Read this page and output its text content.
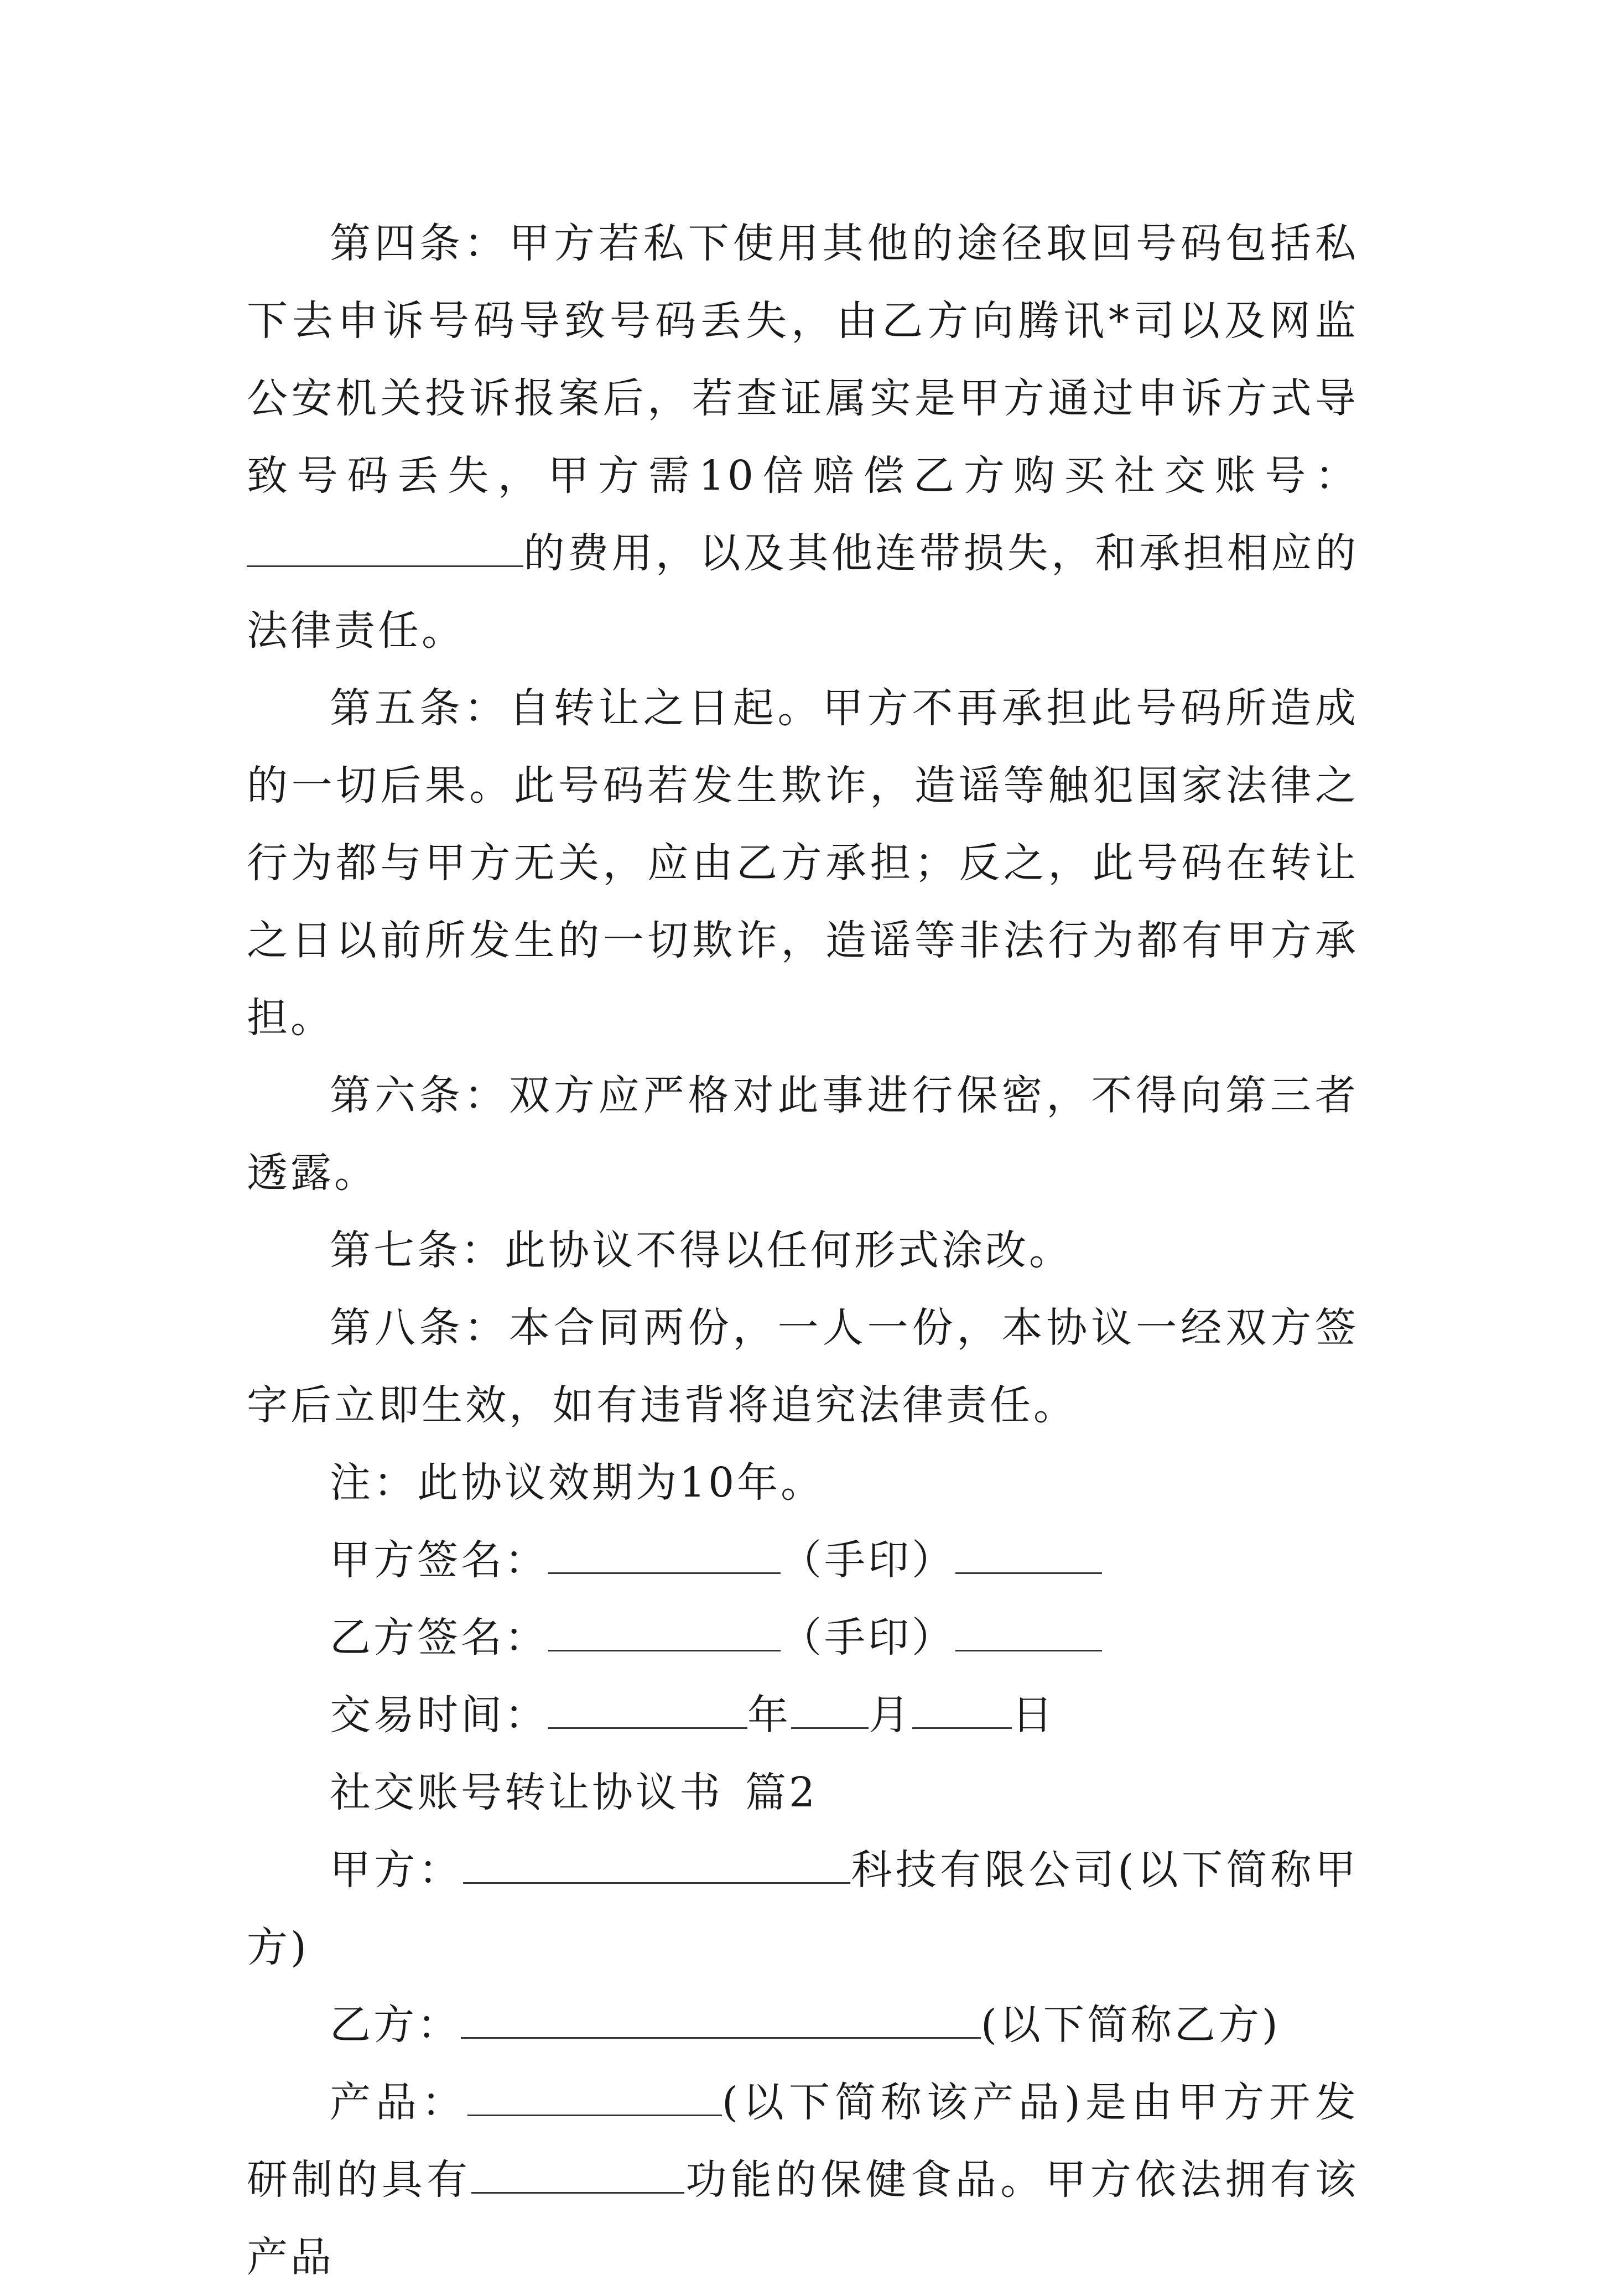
第四条：甲方若私下使用其他的途径取回号码包括私下去申诉号码导致号码丢失，由乙方向腾讯*司以及网监公安机关投诉报案后，若查证属实是甲方通过申诉方式导致号码丢失，甲方需10倍赔偿乙方购买社交账号：的费用，以及其他连带损失，和承担相应的法律责任。

第五条：自转让之日起。甲方不再承担此号码所造成的一切后果。此号码若发生欺诈，造谣等触犯国家法律之行为都与甲方无关，应由乙方承担；反之，此号码在转让之日以前所发生的一切欺诈，造谣等非法行为都有甲方承担。

第六条：双方应严格对此事进行保密，不得向第三者透露。

第七条：此协议不得以任何形式涂改。

第八条：本合同两份，一人一份，本协议一经双方签字后立即生效，如有违背将追究法律责任。

注：此协议效期为10年。

甲方签名：	（手印）

乙方签名：	（手印）

交易时间：	年 月 日

社交账号转让协议书 篇2

甲方：	科技有限公司(以下简称甲方)

乙方：	(以下简称乙方)

产品：	(以下简称该产品)是由甲方开发研制的具有	功能的保健食品。甲方依法拥有该产品
